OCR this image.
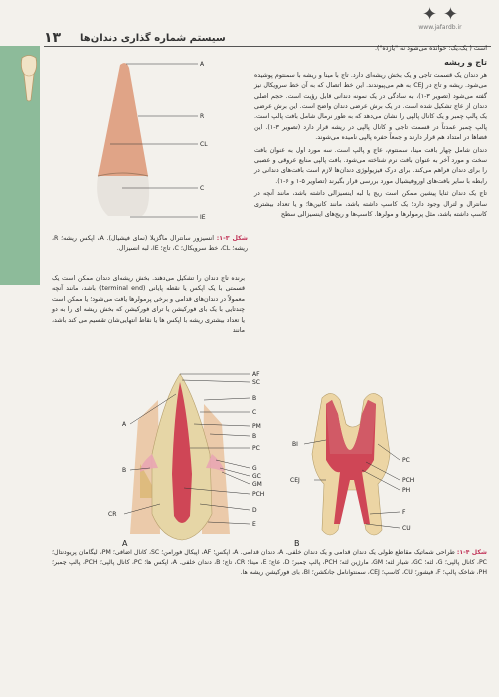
✦ ✦
www.jafardb.ir
۱۳	سیستم شماره گذاری دندان‌ها

است ( یک،یک: خوانده می‌شود نه "یازده").

تاج و ریشه

هر دندان یک قسمت تاجی و یک بخش ریشه‌ای دارد. تاج با مینا و ریشه با سمنتوم پوشیده می‌شود. ریشه و تاج در CEJ به هم می‌پیوندند. این خط اتصال که به آن خط سرویکال نیز گفته می‌شود (تصویر ۳-۱)، به سادگی در یک نمونه دندانی قابل رؤیت است. حجم اصلی دندان از عاج تشکیل شده است. در یک برش عرضی دندان واضح است. این برش عرضی یک پالپ چمبر و یک کانال پالپی را نشان می‌دهد که به طور نرمال شامل بافت پالپ است. پالپ چمبر عمدتاً در قسمت تاجی و کانال پالپی در ریشه قرار دارد (تصویر ۳-۱). این فضاها در امتداد هم قرار دارند و جمعاً حفره پالپی نامیده می‌شوند.

دندان شامل چهار بافت مینا، سمنتوم، عاج و پالپ است. سه مورد اول به عنوان بافت سخت و مورد آخر به عنوان بافت نرم شناخته می‌شود. بافت پالپی منابع عروقی و عصبی را برای دندان فراهم می‌کند. برای درک فیزیولوژی دندان‌ها لازم است بافت‌های دندانی در رابطه با سایر بافت‌های اوروفیشیال مورد بررسی قرار بگیرند (تصاویر ۵-۱ و ۶-۱).

تاج یک دندان ثنایا پیشین ممکن است ریج یا لبه اینسیزالی داشته باشد، مانند آنچه در سانترال و لترال وجود دارد؛ یک کاسپ داشته باشد، مانند کانین‌ها؛ و یا تعداد بیشتری کاسپ داشته باشد، مثل پرمولرها و مولرها. کاسپ‌ها و ریج‌های اینسیزالی سطح

A
R
CL
C
IE
شکل ۳-۱: انسیزور سانترال ماگزیلا (نمای فیشیال). A، اپکس ریشه؛ R، ریشه؛ CL، خط سرویکال؛ C، تاج؛ IE، لبه انسیزال.

برنده تاج دندان را تشکیل می‌دهند. بخش ریشه‌ای دندان ممکن است یک قسمتی با یک اپکس یا نقطه پایانی (terminal end) باشد، مانند آنچه معمولاً در دندان‌های قدامی و برخی پرمولرها یافت می‌شود؛ یا ممکن است چندتایی با یک بای فورکیشن یا ترای فورکیشن که بخش ریشه ای را به دو یا تعداد بیشتری ریشه با اپکس ها یا نقاط انتهایی‌شان تقسیم می کند باشد، مانند

A
B
CR
AF
SC
B
C
PM
B
PC
G
GC
GM
PCH
D
E
BI
CEJ
PC
PCH
PH
F
CU
A	B
شکل ۴-۱: طراحی شماتیک مقاطع طولی یک دندان قدامی و یک دندان خلفی. A، دندان قدامی. A، اپکس؛ AF، اپیکال فورامن؛ SC، کانال اضافی؛ PM، لیگامان پریودنتال؛ PC، کانال پالپی؛ G، لثه؛ GC، شیار لثه؛ GM، مارژین لثه؛ PCH، پالپ چمبر؛ D، عاج؛ E، مینا؛ CR، تاج؛ B، دندان خلفی. A، اپکس ها؛ PC، کانال پالپی؛ PCH، پالپ چمبر؛ PH، شاخک پالپ؛ F، فیشور؛ CU، کاسپ؛ CEJ، سمنتوانامل جانکشن؛ BI، بای فورکیشن ریشه ها.
